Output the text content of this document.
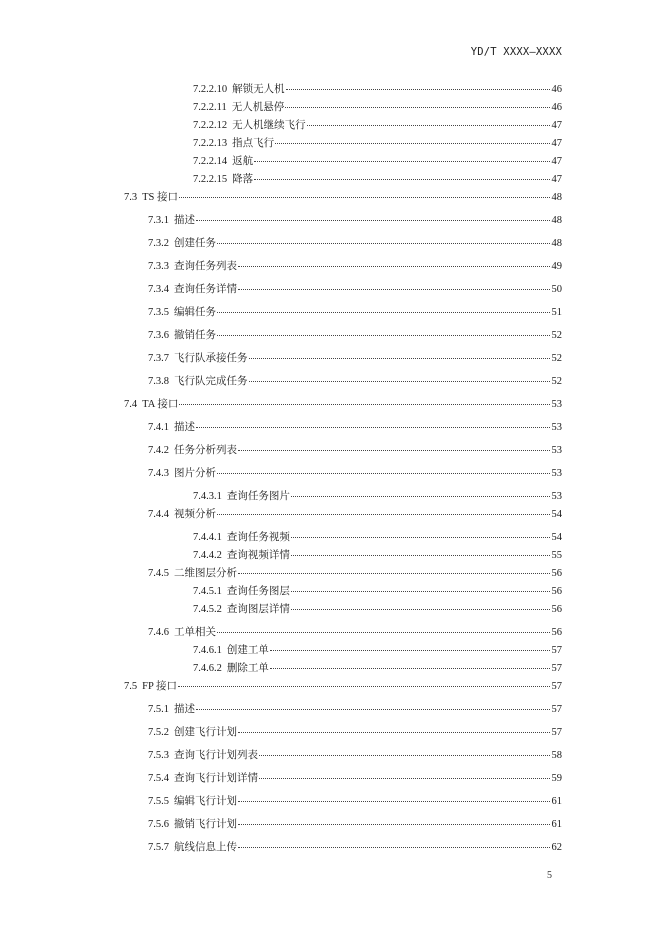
YD/T XXXX—XXXX
7.2.2.10 解锁无人机	46
7.2.2.11 无人机悬停	46
7.2.2.12 无人机继续飞行	47
7.2.2.13 指点飞行	47
7.2.2.14 返航	47
7.2.2.15 降落	47
7.3 TS 接口	48
7.3.1 描述	48
7.3.2 创建任务	48
7.3.3 查询任务列表	49
7.3.4 查询任务详情	50
7.3.5 编辑任务	51
7.3.6 撤销任务	52
7.3.7 飞行队承接任务	52
7.3.8 飞行队完成任务	52
7.4 TA 接口	53
7.4.1 描述	53
7.4.2 任务分析列表	53
7.4.3 图片分析	53
7.4.3.1 查询任务图片	53
7.4.4 视频分析	54
7.4.4.1 查询任务视频	54
7.4.4.2 查询视频详情	55
7.4.5 二维图层分析	56
7.4.5.1 查询任务图层	56
7.4.5.2 查询图层详情	56
7.4.6 工单相关	56
7.4.6.1 创建工单	57
7.4.6.2 删除工单	57
7.5 FP 接口	57
7.5.1 描述	57
7.5.2 创建飞行计划	57
7.5.3 查询飞行计划列表	58
7.5.4 查询飞行计划详情	59
7.5.5 编辑飞行计划	61
7.5.6 撤销飞行计划	61
7.5.7 航线信息上传	62
5
